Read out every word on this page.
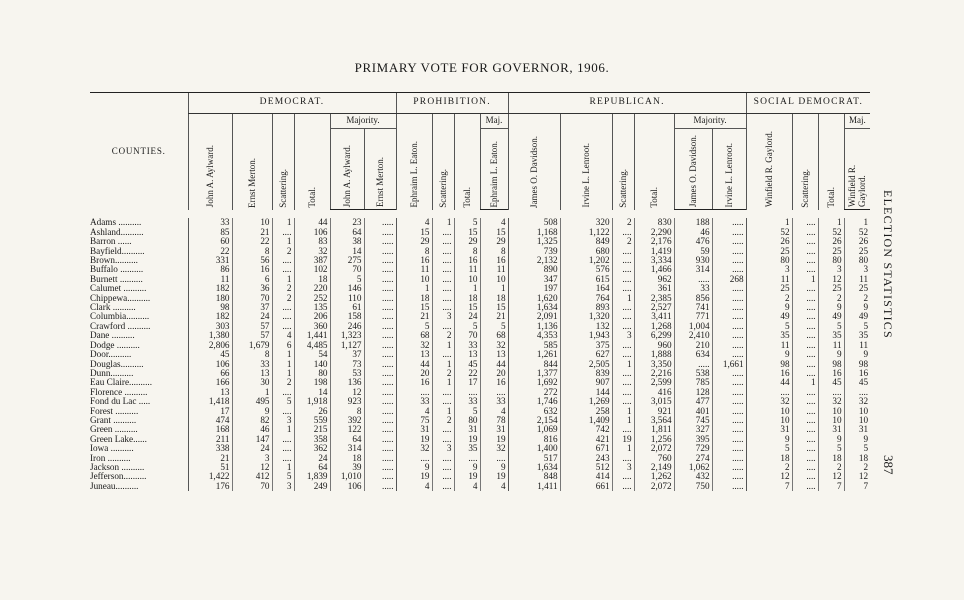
PRIMARY VOTE FOR GOVERNOR, 1906.
ELECTION STATISTICS
387
COUNTIES.	DEMOCRAT.						PROHIBITION.				REPUBLICAN.						SOCIAL DEMOCRAT.			
	John A. Aylward.	Ernst Merton.	Scattering.	Total.	Majority.		Ephraim L. Eaton.	Scattering.	Total.	Maj.	James O. Davidson.	Irvine L. Lenroot.	Scattering.	Total.	Majority.		Winfield R. Gaylord.	Scattering.	Total.	Maj.
					John A. Aylward.	Ernst Merton.				Ephraim L. Eaton.					James O. Davidson.	Irvine L. Lenroot.				Winfield R. Gaylord.

Adams ..........	33	10	1	44	23	.....	4	1	5	4	508	320	2	830	188	.....	1	....	1	1
Ashland..........	85	21	....	106	64	.....	15	....	15	15	1,168	1,122	....	2,290	46	.....	52	....	52	52
Barron ......	60	22	1	83	38	.....	29	....	29	29	1,325	849	2	2,176	476	.....	26	....	26	26
Bayfield..........	22	8	2	32	14	.....	8	....	8	8	739	680	....	1,419	59	.....	25	....	25	25
Brown..........	331	56	....	387	275	.....	16	....	16	16	2,132	1,202	....	3,334	930	.....	80	....	80	80
Buffalo ..........	86	16	....	102	70	.....	11	....	11	11	890	576	....	1,466	314	.....	3	....	3	3
Burnett ..........	11	6	1	18	5	.....	10	....	10	10	347	615	....	962	.....	268	11	1	12	11
Calumet ..........	182	36	2	220	146	.....	1	....	1	1	197	164	....	361	33	.....	25	....	25	25
Chippewa..........	180	70	2	252	110	.....	18	....	18	18	1,620	764	1	2,385	856	.....	2	....	2	2
Clark ..........	98	37	....	135	61	.....	15	....	15	15	1,634	893	....	2,527	741	.....	9	....	9	9
Columbia..........	182	24	....	206	158	.....	21	3	24	21	2,091	1,320	....	3,411	771	.....	49	....	49	49
Crawford ..........	303	57	....	360	246	.....	5	....	5	5	1,136	132	....	1,268	1,004	.....	5	....	5	5
Dane ..........	1,380	57	4	1,441	1,323	.....	68	2	70	68	4,353	1,943	3	6,299	2,410	.....	35	....	35	35
Dodge ..........	2,806	1,679	6	4,485	1,127	.....	32	1	33	32	585	375	....	960	210	.....	11	....	11	11
Door..........	45	8	1	54	37	.....	13	....	13	13	1,261	627	....	1,888	634	.....	9	....	9	9
Douglas..........	106	33	1	140	73	.....	44	1	45	44	844	2,505	1	3,350	.....	1,661	98	....	98	98
Dunn..........	66	13	1	80	53	.....	20	2	22	20	1,377	839	....	2,216	538	.....	16	....	16	16
Eau Claire..........	166	30	2	198	136	.....	16	1	17	16	1,692	907	....	2,599	785	.....	44	1	45	45
Florence ..........	13	1	....	14	12	.....	....	....	....	....	272	144	....	416	128	.....	....	....	....	....
Fond du Lac .....	1,418	495	5	1,918	923	.....	33	....	33	33	1,746	1,269	....	3,015	477	.....	32	....	32	32
Forest ..........	17	9	....	26	8	.....	4	1	5	4	632	258	1	921	401	.....	10	....	10	10
Grant ..........	474	82	3	559	392	.....	75	2	80	78	2,154	1,409	1	3,564	745	.....	10	....	10	10
Green ..........	168	46	1	215	122	.....	31	....	31	31	1,069	742	....	1,811	327	.....	31	....	31	31
Green Lake......	211	147	....	358	64	.....	19	....	19	19	816	421	19	1,256	395	.....	9	....	9	9
Iowa ..........	338	24	....	362	314	.....	32	3	35	32	1,400	671	1	2,072	729	.....	5	....	5	5
Iron ..........	21	3	....	24	18	.....	....	....	....	....	517	243	....	760	274	.....	18	....	18	18
Jackson ..........	51	12	1	64	39	.....	9	....	9	9	1,634	512	3	2,149	1,062	.....	2	....	2	2
Jefferson..........	1,422	412	5	1,839	1,010	.....	19	....	19	19	848	414	....	1,262	432	.....	12	....	12	12
Juneau..........	176	70	3	249	106	.....	4	....	4	4	1,411	661	....	2,072	750	.....	7	....	7	7
